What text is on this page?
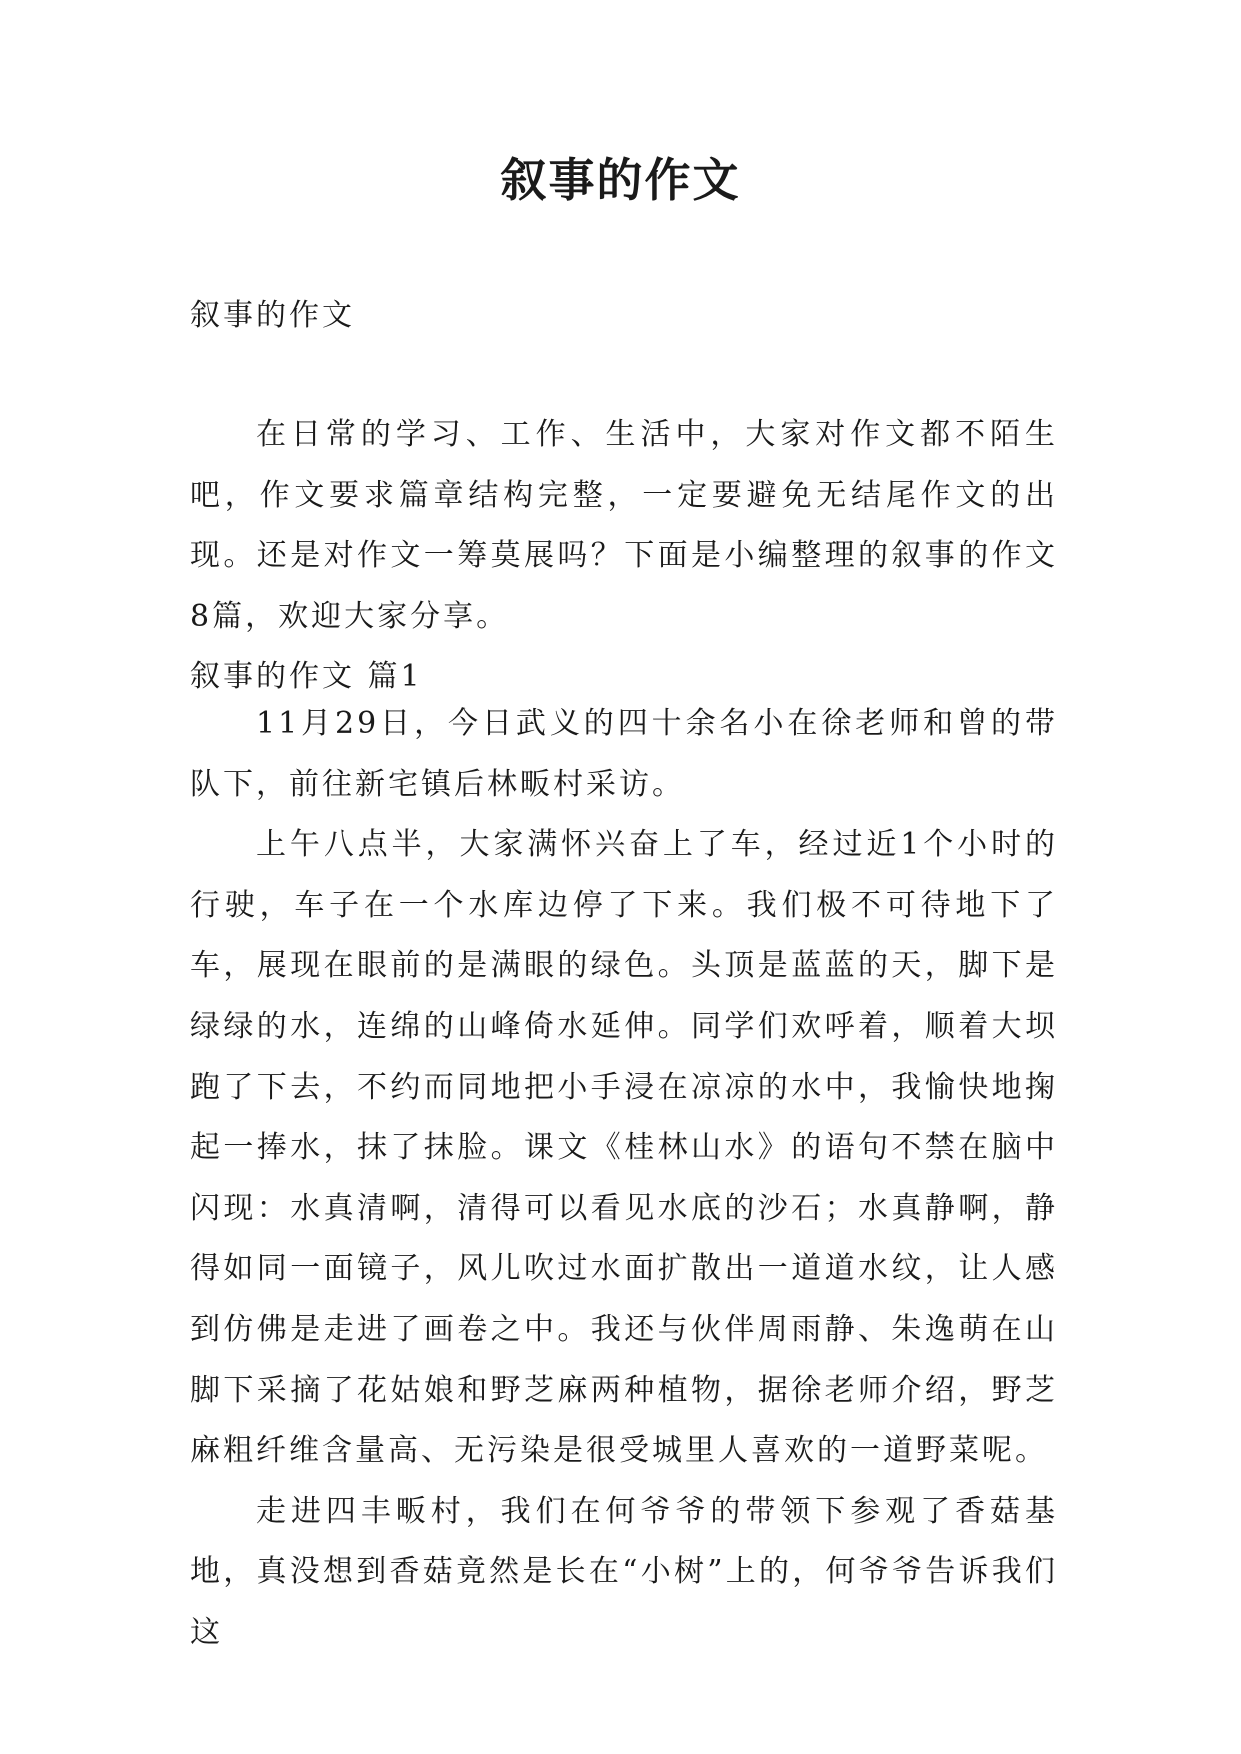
叙事的作文
叙事的作文

在日常的学习、工作、生活中，大家对作文都不陌生吧，作文要求篇章结构完整，一定要避免无结尾作文的出现。还是对作文一筹莫展吗？下面是小编整理的叙事的作文8篇，欢迎大家分享。

叙事的作文 篇1

11月29日，今日武义的四十余名小在徐老师和曾的带队下，前往新宅镇后林畈村采访。

上午八点半，大家满怀兴奋上了车，经过近1个小时的行驶，车子在一个水库边停了下来。我们极不可待地下了车，展现在眼前的是满眼的绿色。头顶是蓝蓝的天，脚下是绿绿的水，连绵的山峰倚水延伸。同学们欢呼着，顺着大坝跑了下去，不约而同地把小手浸在凉凉的水中，我愉快地掬起一捧水，抹了抹脸。课文《桂林山水》的语句不禁在脑中闪现：水真清啊，清得可以看见水底的沙石；水真静啊，静得如同一面镜子，风儿吹过水面扩散出一道道水纹，让人感到仿佛是走进了画卷之中。我还与伙伴周雨静、朱逸萌在山脚下采摘了花姑娘和野芝麻两种植物，据徐老师介绍，野芝麻粗纤维含量高、无污染是很受城里人喜欢的一道野菜呢。

走进四丰畈村，我们在何爷爷的带领下参观了香菇基地，真没想到香菇竟然是长在“小树”上的，何爷爷告诉我们这
